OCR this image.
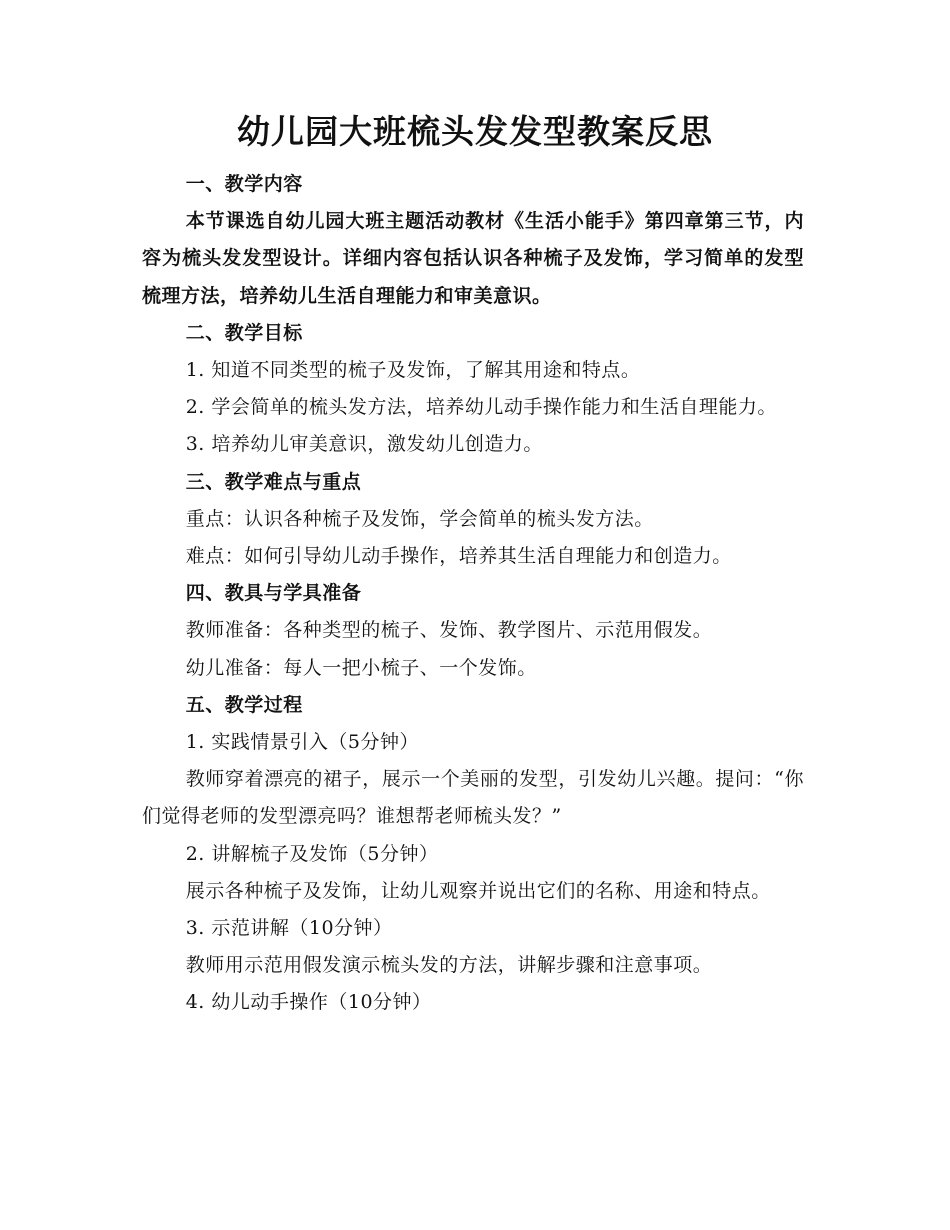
幼儿园大班梳头发发型教案反思

一、教学内容

本节课选自幼儿园大班主题活动教材《生活小能手》第四章第三节，内容为梳头发发型设计。详细内容包括认识各种梳子及发饰，学习简单的发型梳理方法，培养幼儿生活自理能力和审美意识。

二、教学目标

1. 知道不同类型的梳子及发饰，了解其用途和特点。

2. 学会简单的梳头发方法，培养幼儿动手操作能力和生活自理能力。

3. 培养幼儿审美意识，激发幼儿创造力。

三、教学难点与重点

重点：认识各种梳子及发饰，学会简单的梳头发方法。

难点：如何引导幼儿动手操作，培养其生活自理能力和创造力。

四、教具与学具准备

教师准备：各种类型的梳子、发饰、教学图片、示范用假发。

幼儿准备：每人一把小梳子、一个发饰。

五、教学过程

1. 实践情景引入（5分钟）

教师穿着漂亮的裙子，展示一个美丽的发型，引发幼儿兴趣。提问：“你们觉得老师的发型漂亮吗？谁想帮老师梳头发？”

2. 讲解梳子及发饰（5分钟）

展示各种梳子及发饰，让幼儿观察并说出它们的名称、用途和特点。

3. 示范讲解（10分钟）

教师用示范用假发演示梳头发的方法，讲解步骤和注意事项。

4. 幼儿动手操作（10分钟）
